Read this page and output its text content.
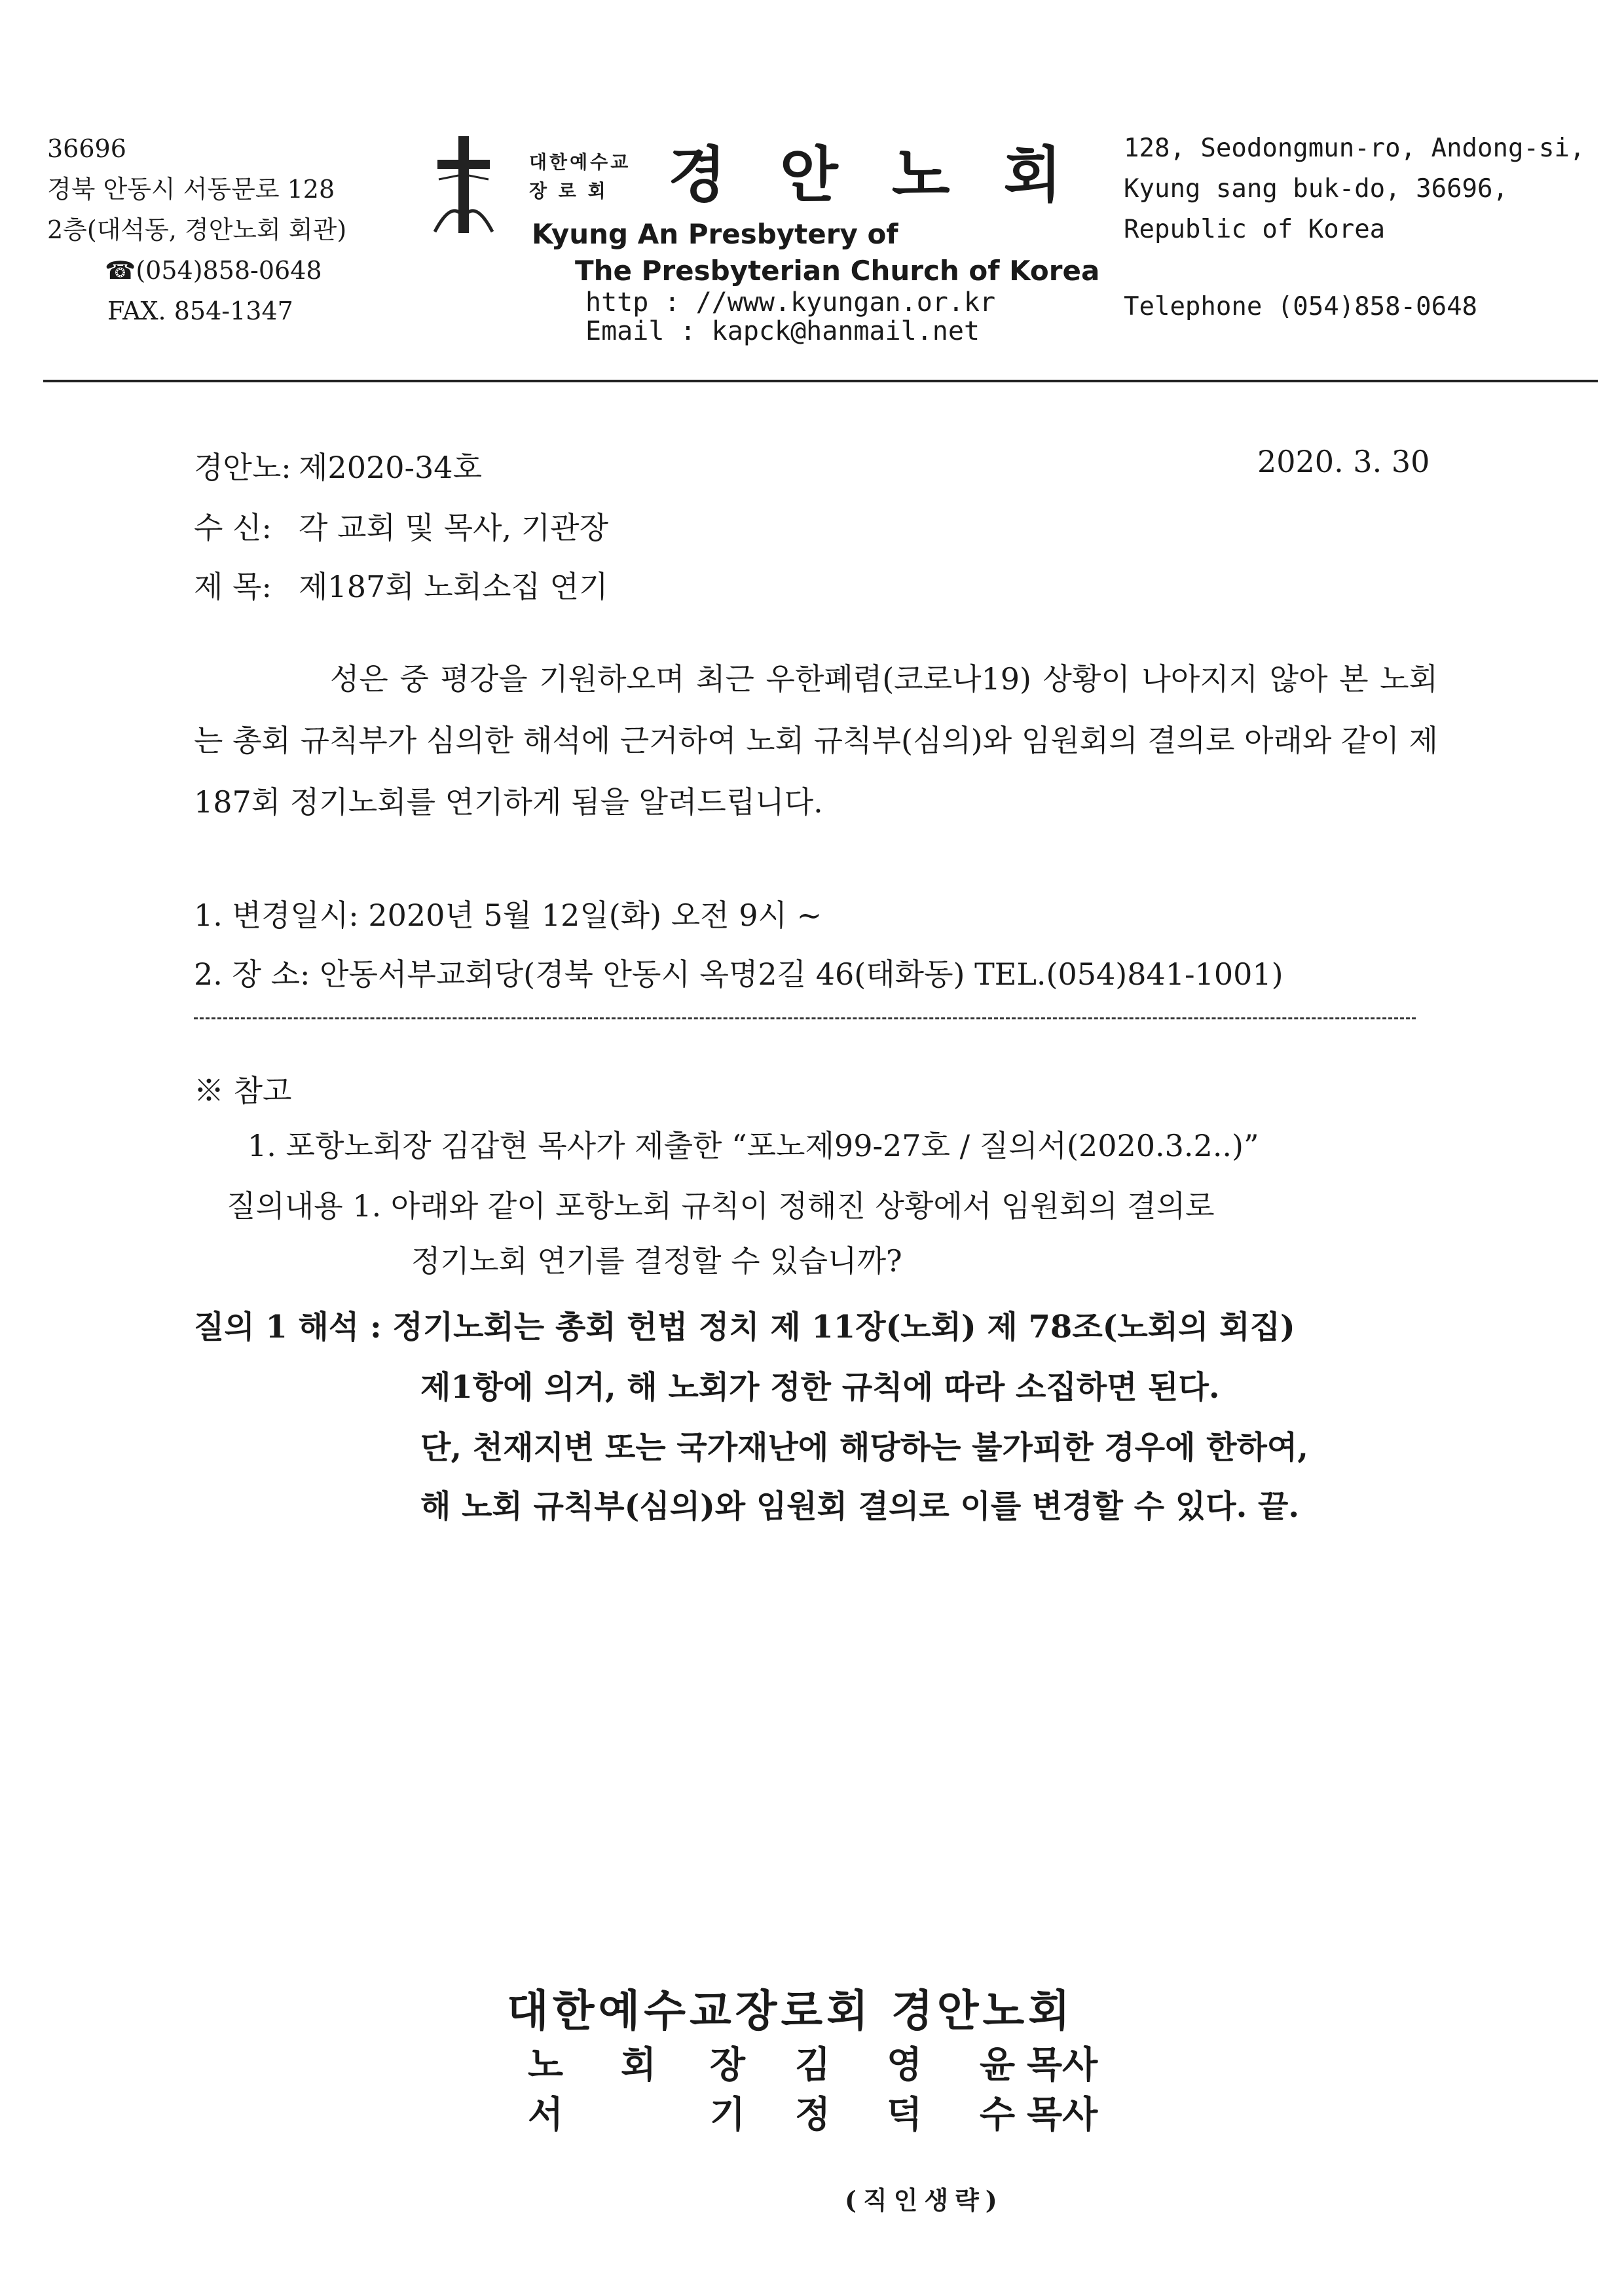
36696
경북 안동시 서동문로 128
2층(대석동, 경안노회 회관)
☎(054)858-0648
FAX. 854-1347
대한예수교
장 로 회 경안노회
Kyung An Presbytery of
The Presbyterian Church of Korea
http : //www.kyungan.or.kr
Email : kapck@hanmail.net
128, Seodongmun-ro, Andong-si,
Kyung sang buk-do, 36696,
Republic of Korea
Telephone (054)858-0648
경안노: 제2020-34호	2020. 3. 30
수 신: 각 교회 및 목사, 기관장
제 목: 제187회 노회소집 연기
성은 중 평강을 기원하오며 최근 우한폐렴(코로나19) 상황이 나아지지 않아 본 노회는 총회 규칙부가 심의한 해석에 근거하여 노회 규칙부(심의)와 임원회의 결의로 아래와 같이 제187회 정기노회를 연기하게 됨을 알려드립니다.
1. 변경일시: 2020년 5월 12일(화) 오전 9시 ~
2. 장 소: 안동서부교회당(경북 안동시 옥명2길 46(태화동) TEL.(054)841-1001)
※ 참고
1. 포항노회장 김갑현 목사가 제출한 “포노제99-27호 / 질의서(2020.3.2..)”
질의내용 1. 아래와 같이 포항노회 규칙이 정해진 상황에서 임원회의 결의로
정기노회 연기를 결정할 수 있습니까?
질의 1 해석 : 정기노회는 총회 헌법 정치 제 11장(노회) 제 78조(노회의 회집)
제1항에 의거, 해 노회가 정한 규칙에 따라 소집하면 된다.
단, 천재지변 또는 국가재난에 해당하는 불가피한 경우에 한하여,
해 노회 규칙부(심의)와 임원회 결의로 이를 변경할 수 있다. 끝.
대한예수교장로회 경안노회
노 회 장 김 영 윤 목사
서	기 정 덕 수 목사
(직인생략)
